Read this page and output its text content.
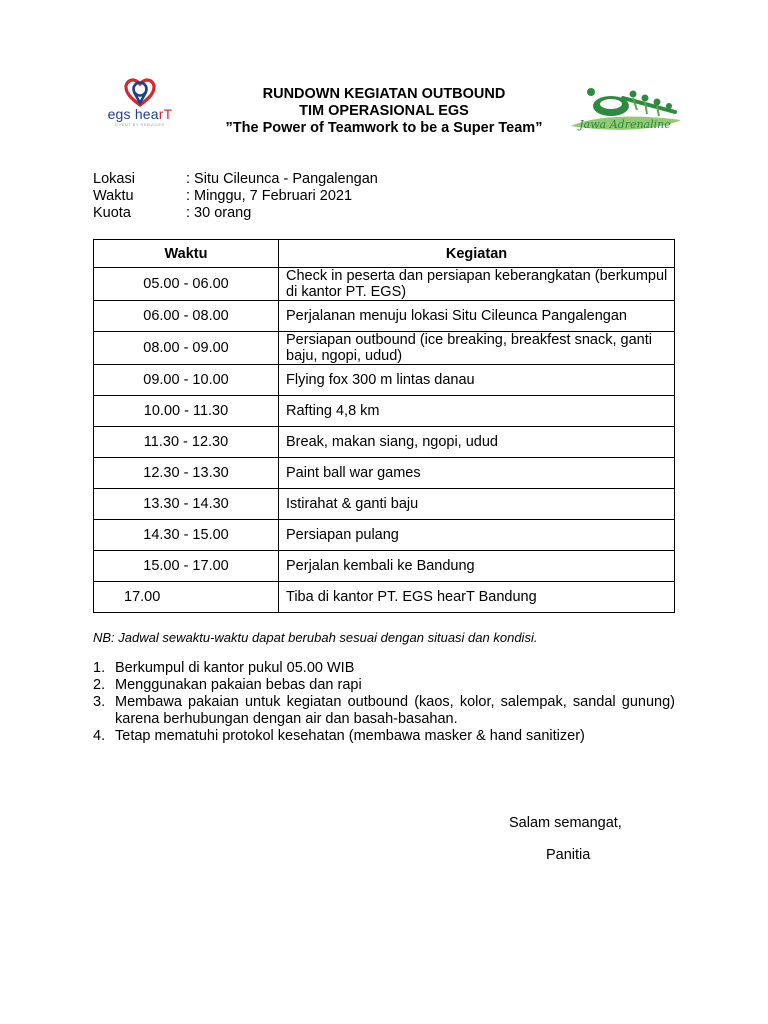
egs hearT
EVENT BY SERVICES	Jawa Adrenaline
RUNDOWN KEGIATAN OUTBOUND
TIM OPERASIONAL EGS
”The Power of Teamwork to be a Super Team”
Lokasi	: Situ Cileunca - Pangalengan
Waktu	: Minggu, 7 Februari 2021
Kuota	: 30 orang
Waktu	Kegiatan
05.00 - 06.00	Check in peserta dan persiapan keberangkatan (berkumpul di kantor PT. EGS)
06.00 - 08.00	Perjalanan menuju lokasi Situ Cileunca Pangalengan
08.00 - 09.00	Persiapan outbound (ice breaking, breakfest snack, ganti baju, ngopi, udud)
09.00 - 10.00	Flying fox 300 m lintas danau
10.00 - 11.30	Rafting 4,8 km
11.30 - 12.30	Break, makan siang, ngopi, udud
12.30 - 13.30	Paint ball war games
13.30 - 14.30	Istirahat & ganti baju
14.30 - 15.00	Persiapan pulang
15.00 - 17.00	Perjalan kembali ke Bandung
17.00	Tiba di kantor PT. EGS hearT Bandung
NB: Jadwal sewaktu-waktu dapat berubah sesuai dengan situasi dan kondisi.
1. Berkumpul di kantor pukul 05.00 WIB
2. Menggunakan pakaian bebas dan rapi
3. Membawa pakaian untuk kegiatan outbound (kaos, kolor, salempak, sandal gunung) karena berhubungan dengan air dan basah-basahan.
4. Tetap mematuhi protokol kesehatan (membawa masker & hand sanitizer)
Salam semangat,
Panitia
